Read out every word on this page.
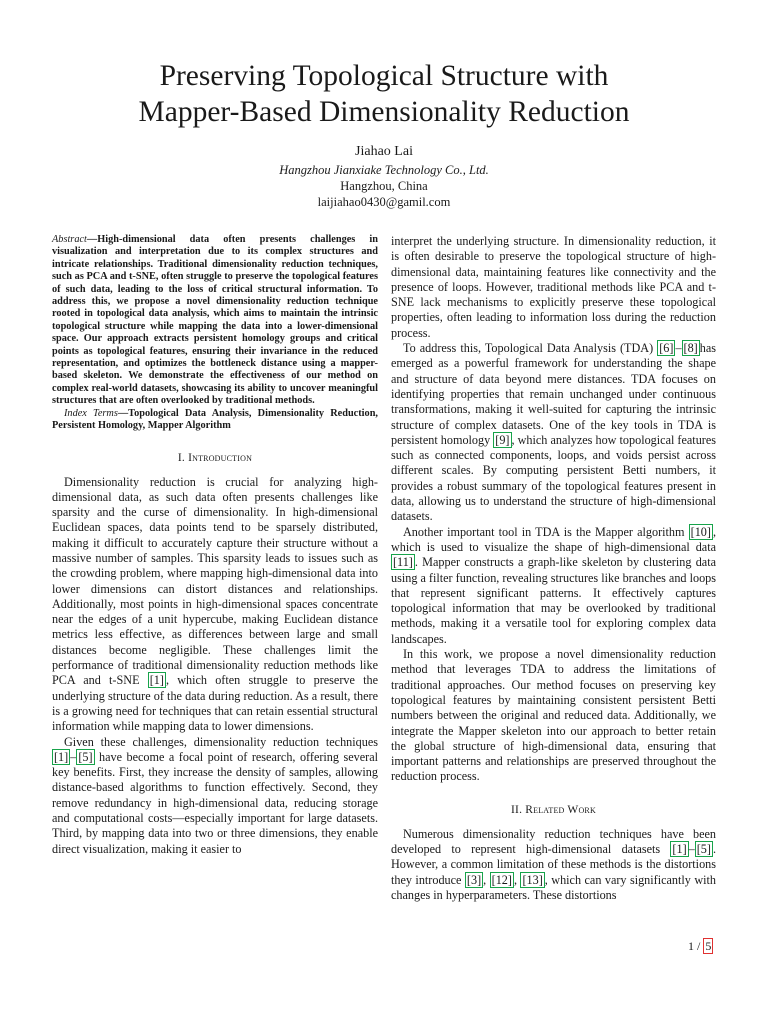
Preserving Topological Structure with
Mapper-Based Dimensionality Reduction
Jiahao Lai
Hangzhou Jianxiake Technology Co., Ltd.
Hangzhou, China
laijiahao0430@gamil.com

Abstract—High-dimensional data often presents challenges in visualization and interpretation due to its complex structures and intricate relationships. Traditional dimensionality reduction techniques, such as PCA and t-SNE, often struggle to preserve the topological features of such data, leading to the loss of critical structural information. To address this, we propose a novel dimensionality reduction technique rooted in topological data analysis, which aims to maintain the intrinsic topological structure while mapping the data into a lower-dimensional space. Our approach extracts persistent homology groups and critical points as topological features, ensuring their invariance in the reduced representation, and optimizes the bottleneck distance using a mapper-based skeleton. We demonstrate the effectiveness of our method on complex real-world datasets, showcasing its ability to uncover meaningful structures that are often overlooked by traditional methods.

Index Terms—Topological Data Analysis, Dimensionality Reduction, Persistent Homology, Mapper Algorithm

I. Introduction

Dimensionality reduction is crucial for analyzing high-dimensional data, as such data often presents challenges like sparsity and the curse of dimensionality. In high-dimensional Euclidean spaces, data points tend to be sparsely distributed, making it difficult to accurately capture their structure without a massive number of samples. This sparsity leads to issues such as the crowding problem, where mapping high-dimensional data into lower dimensions can distort distances and relationships. Additionally, most points in high-dimensional spaces concentrate near the edges of a unit hypercube, making Euclidean distance metrics less effective, as differences between large and small distances become negligible. These challenges limit the performance of traditional dimensionality reduction methods like PCA and t-SNE [1] , which often struggle to preserve the underlying structure of the data during reduction. As a result, there is a growing need for techniques that can retain essential structural information while mapping data to lower dimensions.

Given these challenges, dimensionality reduction techniques [1] – [5] have become a focal point of research, offering several key benefits. First, they increase the density of samples, allowing distance-based algorithms to function effectively. Second, they remove redundancy in high-dimensional data, reducing storage and computational costs—especially important for large datasets. Third, by mapping data into two or three dimensions, they enable direct visualization, making it easier to

interpret the underlying structure. In dimensionality reduction, it is often desirable to preserve the topological structure of high-dimensional data, maintaining features like connectivity and the presence of loops. However, traditional methods like PCA and t-SNE lack mechanisms to explicitly preserve these topological properties, often leading to information loss during the reduction process.

To address this, Topological Data Analysis (TDA) [6] – [8] has emerged as a powerful framework for understanding the shape and structure of data beyond mere distances. TDA focuses on identifying properties that remain unchanged under continuous transformations, making it well-suited for capturing the intrinsic structure of complex datasets. One of the key tools in TDA is persistent homology [9] , which analyzes how topological features such as connected components, loops, and voids persist across different scales. By computing persistent Betti numbers, it provides a robust summary of the topological features present in data, allowing us to understand the structure of high-dimensional datasets.

Another important tool in TDA is the Mapper algorithm [10] , which is used to visualize the shape of high-dimensional data [11] . Mapper constructs a graph-like skeleton by clustering data using a filter function, revealing structures like branches and loops that represent significant patterns. It effectively captures topological information that may be overlooked by traditional methods, making it a versatile tool for exploring complex data landscapes.

In this work, we propose a novel dimensionality reduction method that leverages TDA to address the limitations of traditional approaches. Our method focuses on preserving key topological features by maintaining consistent persistent Betti numbers between the original and reduced data. Additionally, we integrate the Mapper skeleton into our approach to better retain the global structure of high-dimensional data, ensuring that important patterns and relationships are preserved throughout the reduction process.

II. Related Work

Numerous dimensionality reduction techniques have been developed to represent high-dimensional datasets [1] – [5] . However, a common limitation of these methods is the distortions they introduce [3] , [12] , [13] , which can vary significantly with changes in hyperparameters. These distortions

1 / 5
